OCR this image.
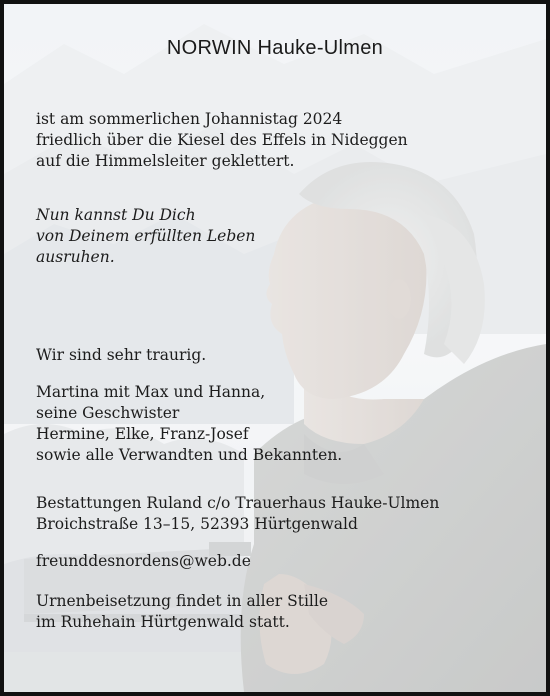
NORWIN Hauke-Ulmen
ist am sommerlichen Johannistag 2024
friedlich über die Kiesel des Effels in Nideggen
auf die Himmelsleiter geklettert.
Nun kannst Du Dich
von Deinem erfüllten Leben
ausruhen.
Wir sind sehr traurig.
Martina mit Max und Hanna,
seine Geschwister
Hermine, Elke, Franz-Josef
sowie alle Verwandten und Bekannten.
Bestattungen Ruland c/o Trauerhaus Hauke-Ulmen
Broichstraße 13–15, 52393 Hürtgenwald
freunddesnordens@web.de
Urnenbeisetzung findet in aller Stille
im Ruhehain Hürtgenwald statt.
